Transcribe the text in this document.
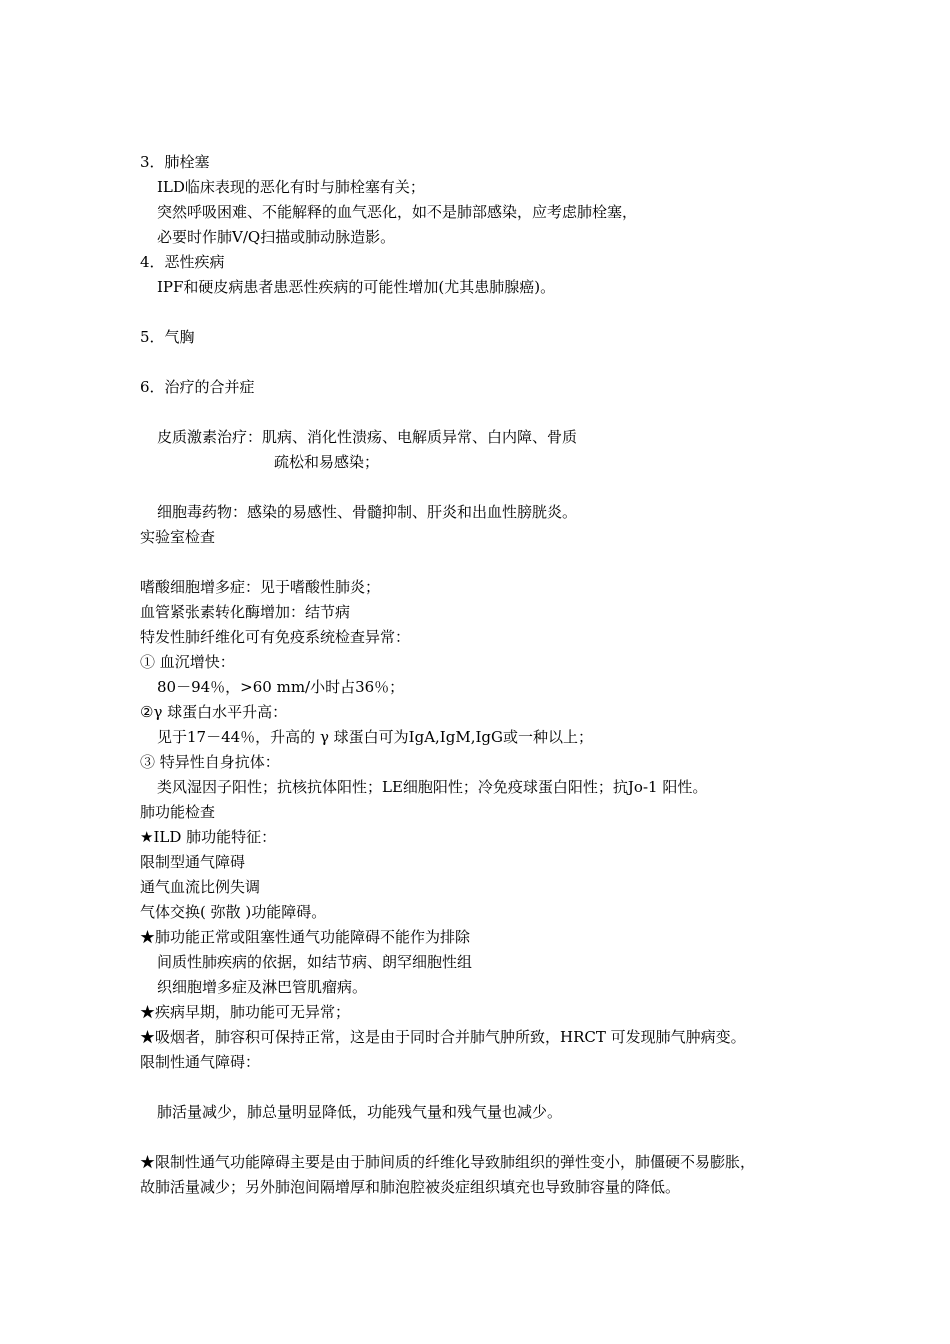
3．肺栓塞
ILD临床表现的恶化有时与肺栓塞有关；
突然呼吸困难、不能解释的血气恶化，如不是肺部感染，应考虑肺栓塞，
必要时作肺V/Q扫描或肺动脉造影。
4．恶性疾病
IPF和硬皮病患者患恶性疾病的可能性增加(尤其患肺腺癌)。
5．气胸
6．治疗的合并症
皮质激素治疗：肌病、消化性溃疡、电解质异常、白内障、骨质
疏松和易感染；
细胞毒药物：感染的易感性、骨髓抑制、肝炎和出血性膀胱炎。
实验室检查
嗜酸细胞增多症：见于嗜酸性肺炎；
血管紧张素转化酶增加：结节病
特发性肺纤维化可有免疫系统检查异常：
① 血沉增快：
80－94％，>60 mm/小时占36％；
②γ 球蛋白水平升高：
见于17－44％，升高的 γ 球蛋白可为IgA,IgM,IgG或一种以上；
③ 特异性自身抗体：
类风湿因子阳性；抗核抗体阳性；LE细胞阳性；冷免疫球蛋白阳性；抗Jo-1 阳性。
肺功能检查
★ILD 肺功能特征：
限制型通气障碍
通气血流比例失调
气体交换( 弥散 )功能障碍。
★肺功能正常或阻塞性通气功能障碍不能作为排除
间质性肺疾病的依据，如结节病、朗罕细胞性组
织细胞增多症及淋巴管肌瘤病。
★疾病早期，肺功能可无异常；
★吸烟者，肺容积可保持正常，这是由于同时合并肺气肿所致，HRCT 可发现肺气肿病变。
限制性通气障碍：
肺活量减少，肺总量明显降低，功能残气量和残气量也减少。
★限制性通气功能障碍主要是由于肺间质的纤维化导致肺组织的弹性变小，肺僵硬不易膨胀，
故肺活量减少；另外肺泡间隔增厚和肺泡腔被炎症组织填充也导致肺容量的降低。
